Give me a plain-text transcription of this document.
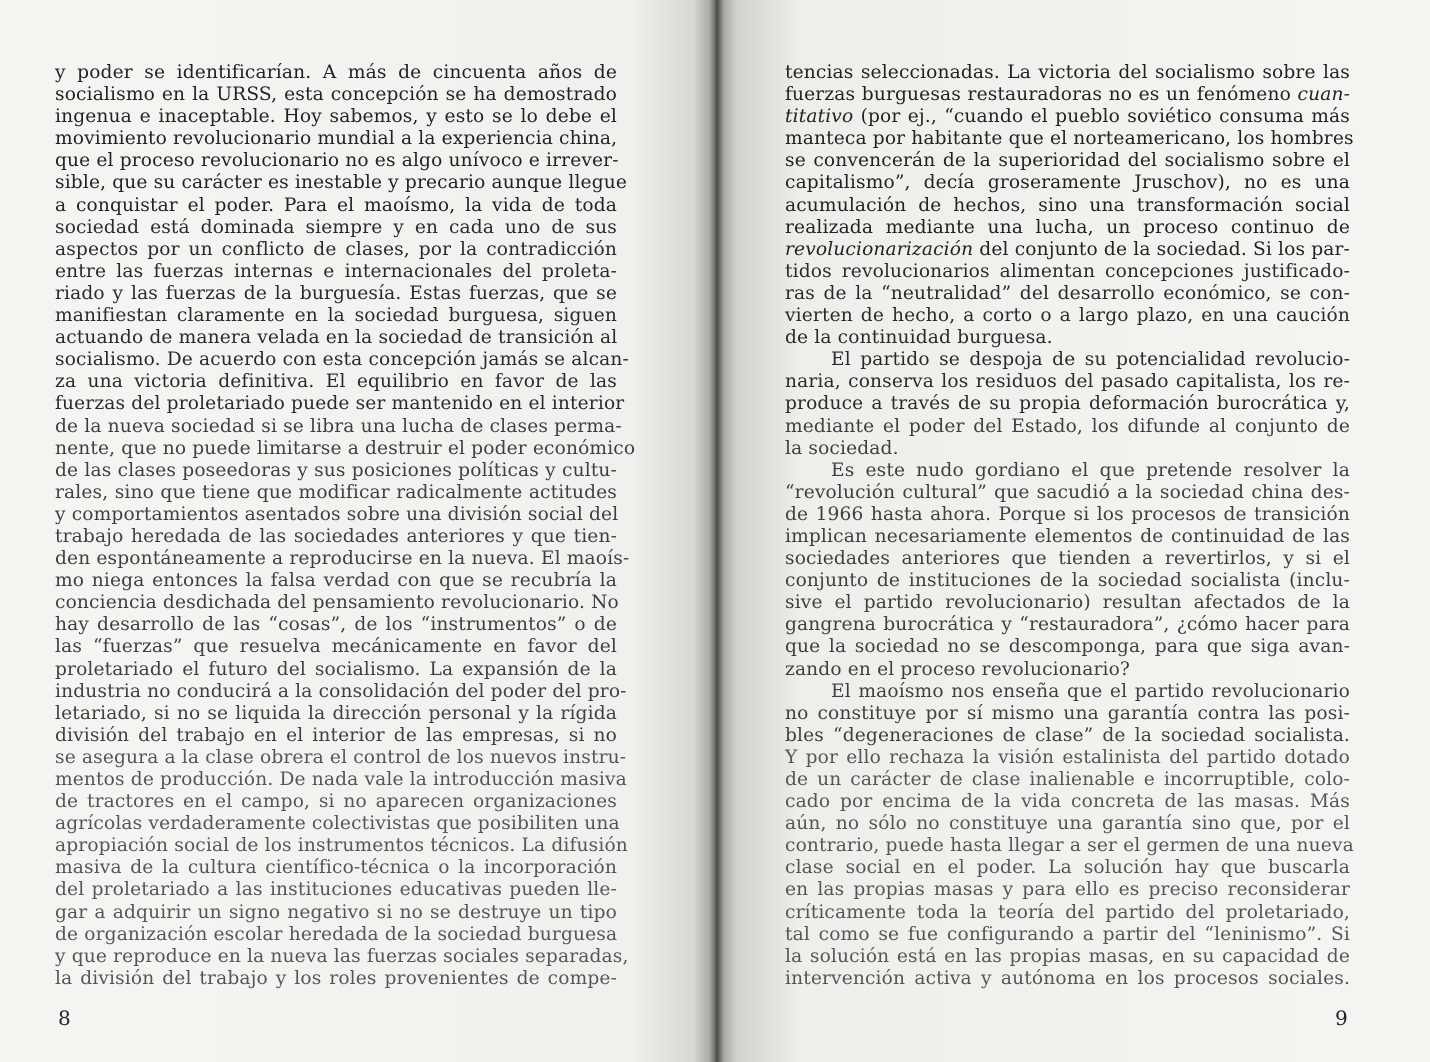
y poder se identificarían. A más de cincuenta años de
socialismo en la URSS, esta concepción se ha demostrado
ingenua e inaceptable. Hoy sabemos, y esto se lo debe el
movimiento revolucionario mundial a la experiencia china,
que el proceso revolucionario no es algo unívoco e irrever-
sible, que su carácter es inestable y precario aunque llegue
a conquistar el poder. Para el maoísmo, la vida de toda
sociedad está dominada siempre y en cada uno de sus
aspectos por un conflicto de clases, por la contradicción
entre las fuerzas internas e internacionales del proleta-
riado y las fuerzas de la burguesía. Estas fuerzas, que se
manifiestan claramente en la sociedad burguesa, siguen
actuando de manera velada en la sociedad de transición al
socialismo. De acuerdo con esta concepción jamás se alcan-
za una victoria definitiva. El equilibrio en favor de las
fuerzas del proletariado puede ser mantenido en el interior
de la nueva sociedad si se libra una lucha de clases perma-
nente, que no puede limitarse a destruir el poder económico
de las clases poseedoras y sus posiciones políticas y cultu-
rales, sino que tiene que modificar radicalmente actitudes
y comportamientos asentados sobre una división social del
trabajo heredada de las sociedades anteriores y que tien-
den espontáneamente a reproducirse en la nueva. El maoís-
mo niega entonces la falsa verdad con que se recubría la
conciencia desdichada del pensamiento revolucionario. No
hay desarrollo de las “cosas”, de los “instrumentos” o de
las “fuerzas” que resuelva mecánicamente en favor del
proletariado el futuro del socialismo. La expansión de la
industria no conducirá a la consolidación del poder del pro-
letariado, si no se liquida la dirección personal y la rígida
división del trabajo en el interior de las empresas, si no
se asegura a la clase obrera el control de los nuevos instru-
mentos de producción. De nada vale la introducción masiva
de tractores en el campo, si no aparecen organizaciones
agrícolas verdaderamente colectivistas que posibiliten una
apropiación social de los instrumentos técnicos. La difusión
masiva de la cultura científico-técnica o la incorporación
del proletariado a las instituciones educativas pueden lle-
gar a adquirir un signo negativo si no se destruye un tipo
de organización escolar heredada de la sociedad burguesa
y que reproduce en la nueva las fuerzas sociales separadas,
la división del trabajo y los roles provenientes de compe-
8
tencias seleccionadas. La victoria del socialismo sobre las
fuerzas burguesas restauradoras no es un fenómeno cuan-
titativo (por ej., “cuando el pueblo soviético consuma más
manteca por habitante que el norteamericano, los hombres
se convencerán de la superioridad del socialismo sobre el
capitalismo”, decía groseramente Jruschov), no es una
acumulación de hechos, sino una transformación social
realizada mediante una lucha, un proceso continuo de
revolucionarización del conjunto de la sociedad. Si los par-
tidos revolucionarios alimentan concepciones justificado-
ras de la “neutralidad” del desarrollo económico, se con-
vierten de hecho, a corto o a largo plazo, en una caución
de la continuidad burguesa.
El partido se despoja de su potencialidad revolucio-
naria, conserva los residuos del pasado capitalista, los re-
produce a través de su propia deformación burocrática y,
mediante el poder del Estado, los difunde al conjunto de
la sociedad.
Es este nudo gordiano el que pretende resolver la
“revolución cultural” que sacudió a la sociedad china des-
de 1966 hasta ahora. Porque si los procesos de transición
implican necesariamente elementos de continuidad de las
sociedades anteriores que tienden a revertirlos, y si el
conjunto de instituciones de la sociedad socialista (inclu-
sive el partido revolucionario) resultan afectados de la
gangrena burocrática y “restauradora”, ¿cómo hacer para
que la sociedad no se descomponga, para que siga avan-
zando en el proceso revolucionario?
El maoísmo nos enseña que el partido revolucionario
no constituye por sí mismo una garantía contra las posi-
bles “degeneraciones de clase” de la sociedad socialista.
Y por ello rechaza la visión estalinista del partido dotado
de un carácter de clase inalienable e incorruptible, colo-
cado por encima de la vida concreta de las masas. Más
aún, no sólo no constituye una garantía sino que, por el
contrario, puede hasta llegar a ser el germen de una nueva
clase social en el poder. La solución hay que buscarla
en las propias masas y para ello es preciso reconsiderar
críticamente toda la teoría del partido del proletariado,
tal como se fue configurando a partir del “leninismo”. Si
la solución está en las propias masas, en su capacidad de
intervención activa y autónoma en los procesos sociales.
9
